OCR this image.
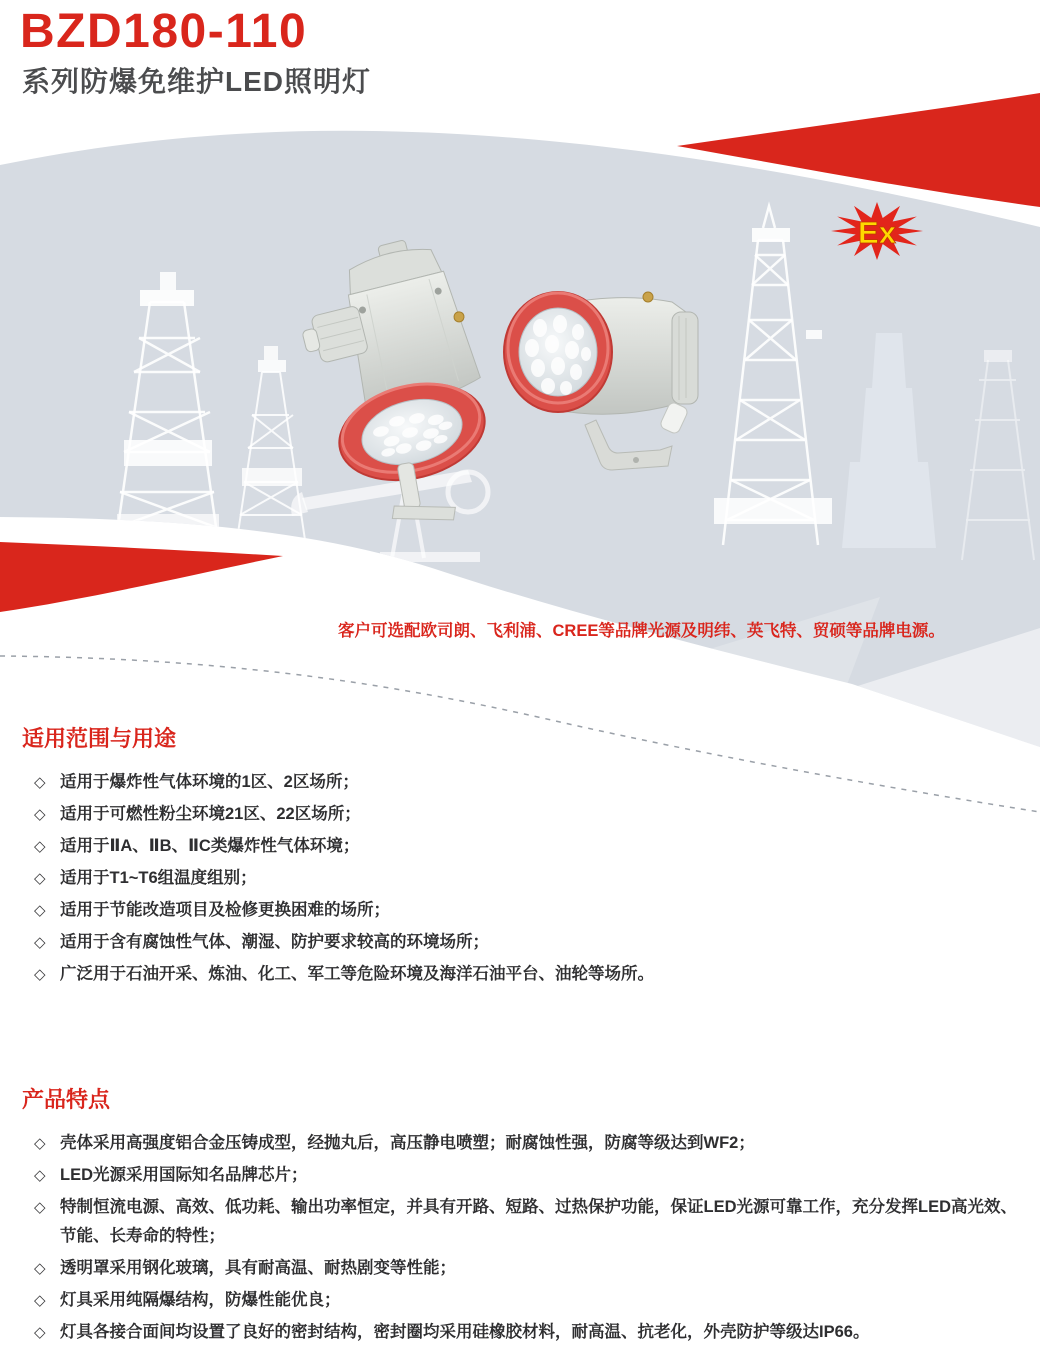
Ex
BZD180-110
系列防爆免维护LED照明灯
客户可选配欧司朗、飞利浦、CREE等品牌光源及明纬、英飞特、贸硕等品牌电源。
适用范围与用途
◇ 适用于爆炸性气体环境的1区、2区场所；
◇ 适用于可燃性粉尘环境21区、22区场所；
◇ 适用于ⅡA、ⅡB、ⅡC类爆炸性气体环境；
◇ 适用于T1~T6组温度组别；
◇ 适用于节能改造项目及检修更换困难的场所；
◇ 适用于含有腐蚀性气体、潮湿、防护要求较高的环境场所；
◇ 广泛用于石油开采、炼油、化工、军工等危险环境及海洋石油平台、油轮等场所。
产品特点
◇ 壳体采用高强度铝合金压铸成型，经抛丸后，高压静电喷塑；耐腐蚀性强，防腐等级达到WF2；
◇ LED光源采用国际知名品牌芯片；
◇ 特制恒流电源、高效、低功耗、输出功率恒定，并具有开路、短路、过热保护功能，保证LED光源可靠工作，充分发挥LED高光效、节能、长寿命的特性；
◇ 透明罩采用钢化玻璃，具有耐高温、耐热剧变等性能；
◇ 灯具采用纯隔爆结构，防爆性能优良；
◇ 灯具各接合面间均设置了良好的密封结构，密封圈均采用硅橡胶材料，耐高温、抗老化，外壳防护等级达IP66。
